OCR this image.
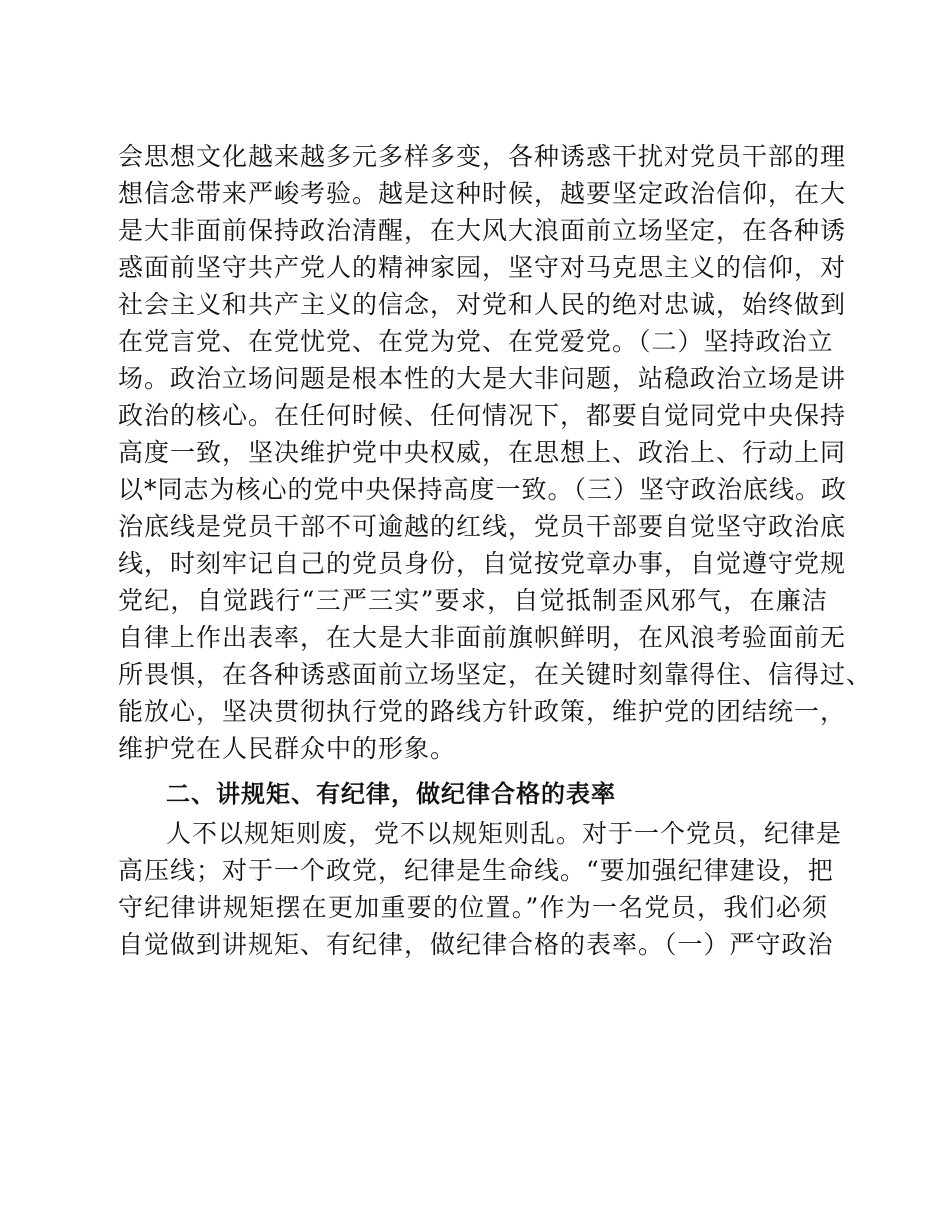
会思想文化越来越多元多样多变，各种诱惑干扰对党员干部的理
想信念带来严峻考验。越是这种时候，越要坚定政治信仰，在大
是大非面前保持政治清醒，在大风大浪面前立场坚定，在各种诱
惑面前坚守共产党人的精神家园，坚守对马克思主义的信仰，对
社会主义和共产主义的信念，对党和人民的绝对忠诚，始终做到
在党言党、在党忧党、在党为党、在党爱党。（二）坚持政治立
场。政治立场问题是根本性的大是大非问题，站稳政治立场是讲
政治的核心。在任何时候、任何情况下，都要自觉同党中央保持
高度一致，坚决维护党中央权威，在思想上、政治上、行动上同
以*同志为核心的党中央保持高度一致。（三）坚守政治底线。政
治底线是党员干部不可逾越的红线，党员干部要自觉坚守政治底
线，时刻牢记自己的党员身份，自觉按党章办事，自觉遵守党规
党纪，自觉践行“三严三实”要求，自觉抵制歪风邪气，在廉洁
自律上作出表率，在大是大非面前旗帜鲜明，在风浪考验面前无
所畏惧，在各种诱惑面前立场坚定，在关键时刻靠得住、信得过、
能放心，坚决贯彻执行党的路线方针政策，维护党的团结统一，
维护党在人民群众中的形象。
二、讲规矩、有纪律，做纪律合格的表率
人不以规矩则废，党不以规矩则乱。对于一个党员，纪律是
高压线；对于一个政党，纪律是生命线。“要加强纪律建设，把
守纪律讲规矩摆在更加重要的位置。”作为一名党员，我们必须
自觉做到讲规矩、有纪律，做纪律合格的表率。（一）严守政治
